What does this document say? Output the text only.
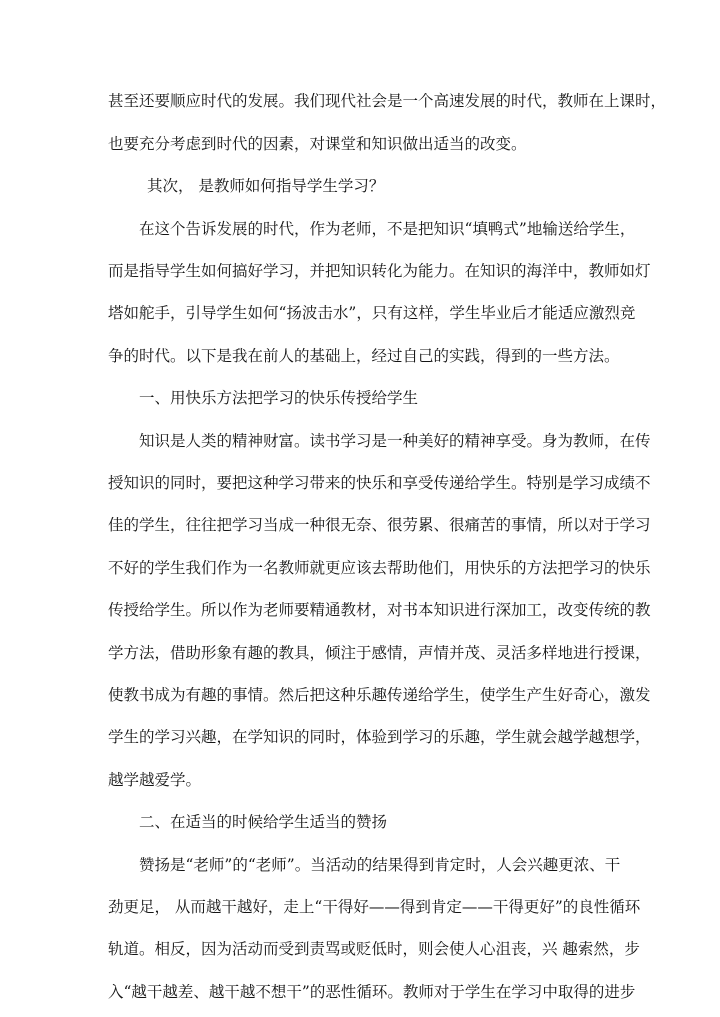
甚至还要顺应时代的发展。我们现代社会是一个高速发展的时代，教师在上课时，
也要充分考虑到时代的因素，对课堂和知识做出适当的改变。
其次， 是教师如何指导学生学习？
在这个告诉发展的时代，作为老师，不是把知识“填鸭式”地输送给学生，
而是指导学生如何搞好学习，并把知识转化为能力。在知识的海洋中，教师如灯
塔如舵手，引导学生如何“扬波击水”，只有这样，学生毕业后才能适应激烈竞
争的时代。以下是我在前人的基础上，经过自己的实践，得到的一些方法。
一、用快乐方法把学习的快乐传授给学生
知识是人类的精神财富。读书学习是一种美好的精神享受。身为教师，在传
授知识的同时，要把这种学习带来的快乐和享受传递给学生。特别是学习成绩不
佳的学生，往往把学习当成一种很无奈、很劳累、很痛苦的事情，所以对于学习
不好的学生我们作为一名教师就更应该去帮助他们，用快乐的方法把学习的快乐
传授给学生。所以作为老师要精通教材，对书本知识进行深加工，改变传统的教
学方法，借助形象有趣的教具，倾注于感情，声情并茂、灵活多样地进行授课，
使教书成为有趣的事情。然后把这种乐趣传递给学生，使学生产生好奇心，激发
学生的学习兴趣，在学知识的同时，体验到学习的乐趣，学生就会越学越想学，
越学越爱学。
二、在适当的时候给学生适当的赞扬
赞扬是“老师”的“老师”。当活动的结果得到肯定时，人会兴趣更浓、干
劲更足， 从而越干越好，走上“干得好——得到肯定——干得更好”的良性循环
轨道。相反，因为活动而受到责骂或贬低时，则会使人心沮丧，兴 趣索然，步
入“越干越差、越干越不想干”的恶性循环。教师对于学生在学习中取得的进步
